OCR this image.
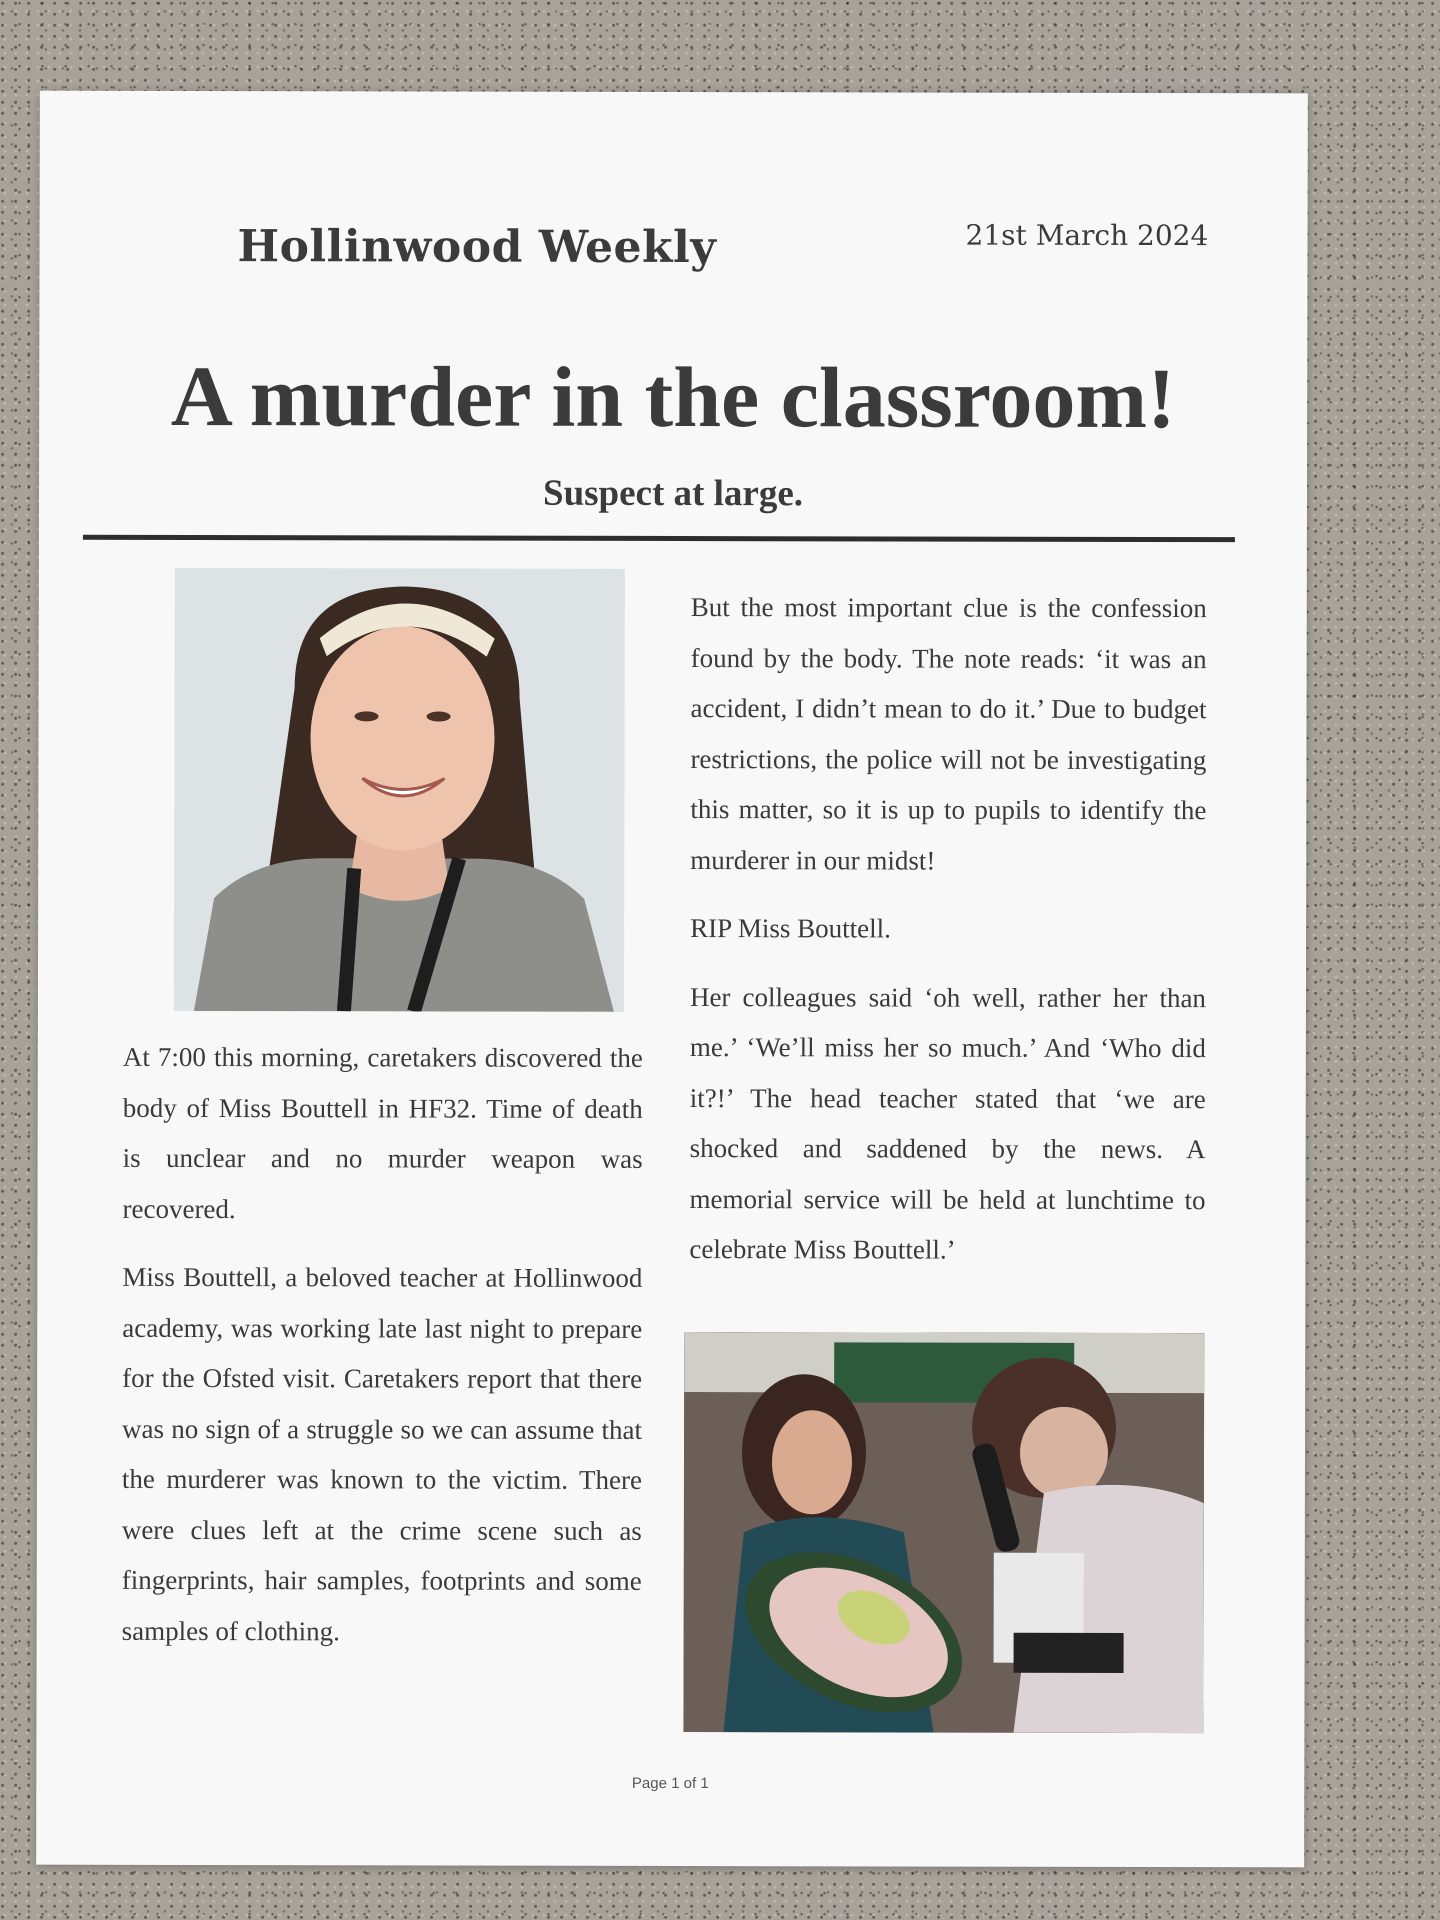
Hollinwood Weekly	21st March 2024
A murder in the classroom!
Suspect at large.

At 7:00 this morning, caretakers discovered the body of Miss Bouttell in HF32. Time of death is unclear and no murder weapon was recovered.

Miss Bouttell, a beloved teacher at Hollinwood academy, was working late last night to prepare for the Ofsted visit. Caretakers report that there was no sign of a struggle so we can assume that the murderer was known to the victim. There were clues left at the crime scene such as fingerprints, hair samples, footprints and some samples of clothing.

But the most important clue is the confession found by the body. The note reads: ‘it was an accident, I didn’t mean to do it.’ Due to budget restrictions, the police will not be investigating this matter, so it is up to pupils to identify the murderer in our midst!

RIP Miss Bouttell.

Her colleagues said ‘oh well, rather her than me.’ ‘We’ll miss her so much.’ And ‘Who did it?!’ The head teacher stated that ‘we are shocked and saddened by the news. A memorial service will be held at lunchtime to celebrate Miss Bouttell.’

Page 1 of 1
